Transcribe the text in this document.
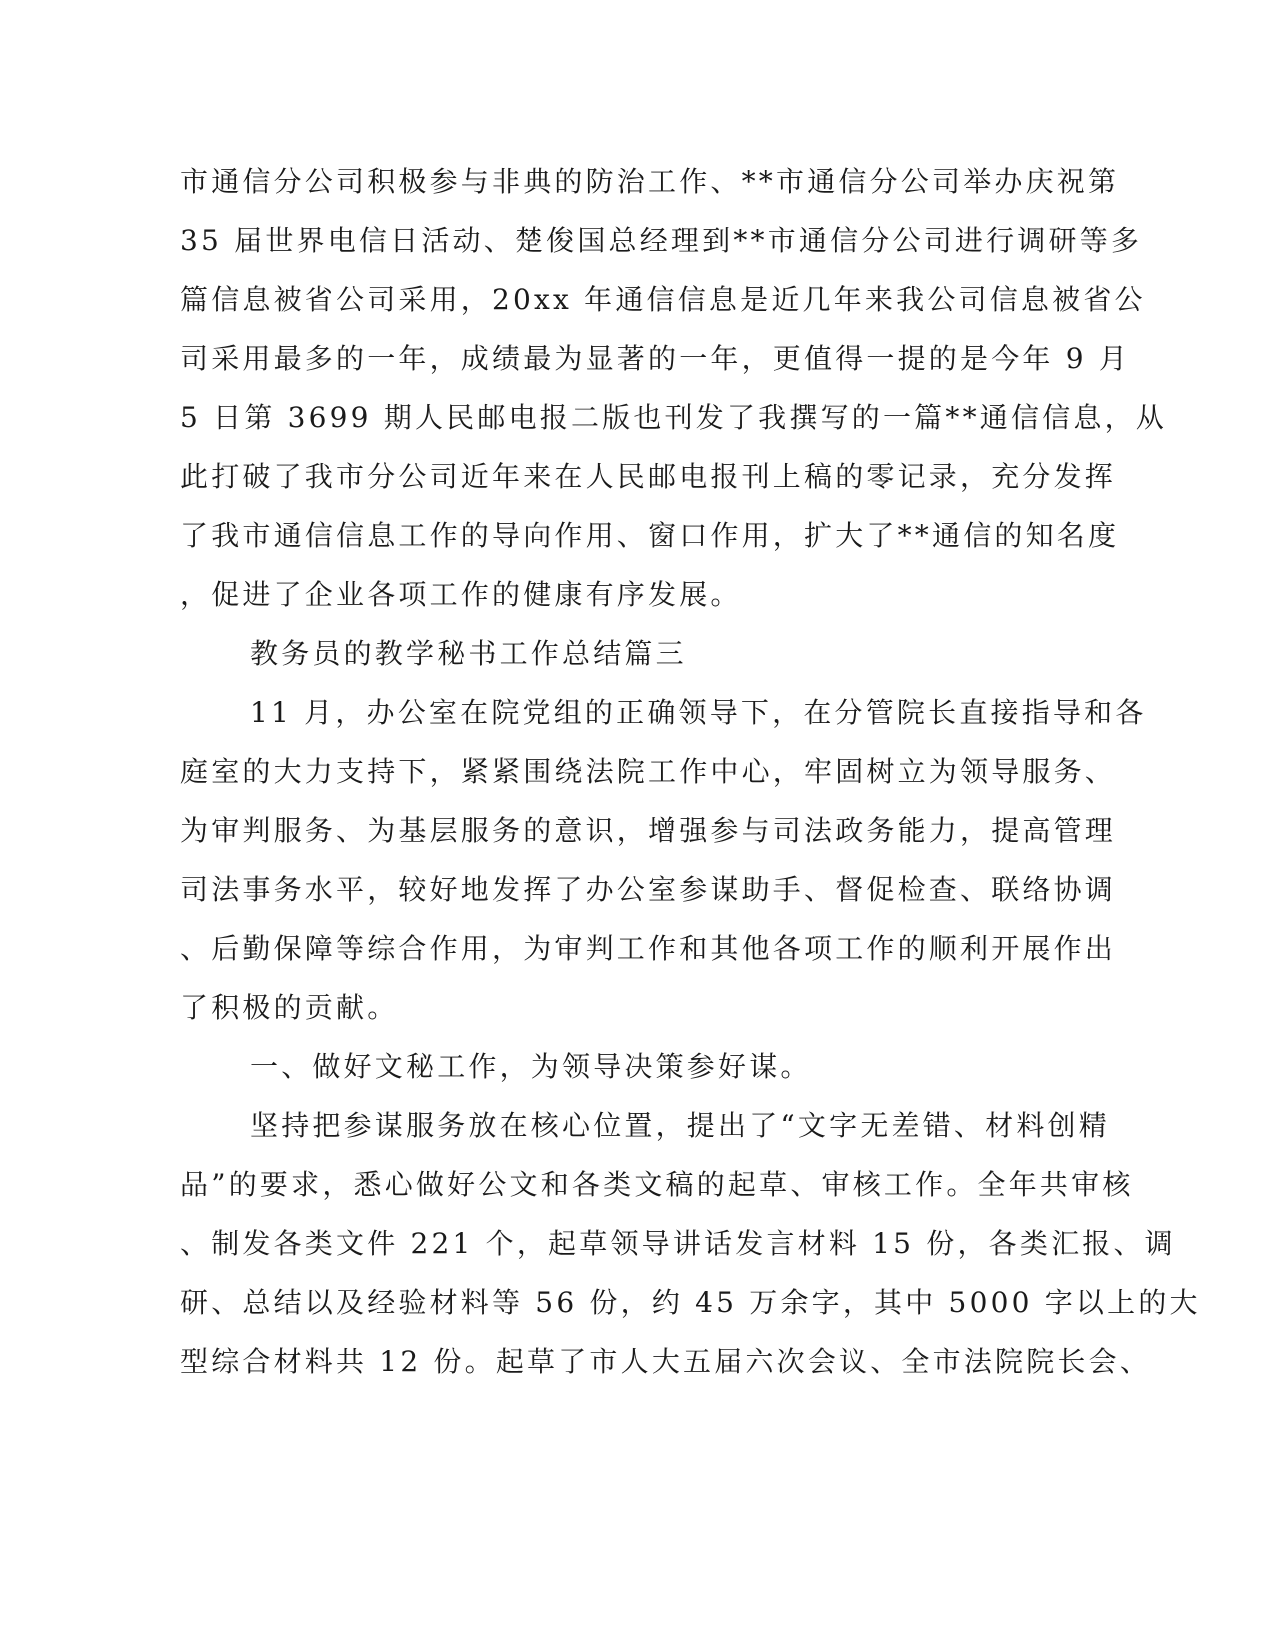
市通信分公司积极参与非典的防治工作、**市通信分公司举办庆祝第
35 届世界电信日活动、楚俊国总经理到**市通信分公司进行调研等多
篇信息被省公司采用，20xx 年通信信息是近几年来我公司信息被省公
司采用最多的一年，成绩最为显著的一年，更值得一提的是今年 9 月
5 日第 3699 期人民邮电报二版也刊发了我撰写的一篇**通信信息，从
此打破了我市分公司近年来在人民邮电报刊上稿的零记录，充分发挥
了我市通信信息工作的导向作用、窗口作用，扩大了**通信的知名度
，促进了企业各项工作的健康有序发展。
教务员的教学秘书工作总结篇三
11 月，办公室在院党组的正确领导下，在分管院长直接指导和各
庭室的大力支持下，紧紧围绕法院工作中心，牢固树立为领导服务、
为审判服务、为基层服务的意识，增强参与司法政务能力，提高管理
司法事务水平，较好地发挥了办公室参谋助手、督促检查、联络协调
、后勤保障等综合作用，为审判工作和其他各项工作的顺利开展作出
了积极的贡献。
一、做好文秘工作，为领导决策参好谋。
坚持把参谋服务放在核心位置，提出了“文字无差错、材料创精
品”的要求，悉心做好公文和各类文稿的起草、审核工作。全年共审核
、制发各类文件 221 个，起草领导讲话发言材料 15 份，各类汇报、调
研、总结以及经验材料等 56 份，约 45 万余字，其中 5000 字以上的大
型综合材料共 12 份。起草了市人大五届六次会议、全市法院院长会、
